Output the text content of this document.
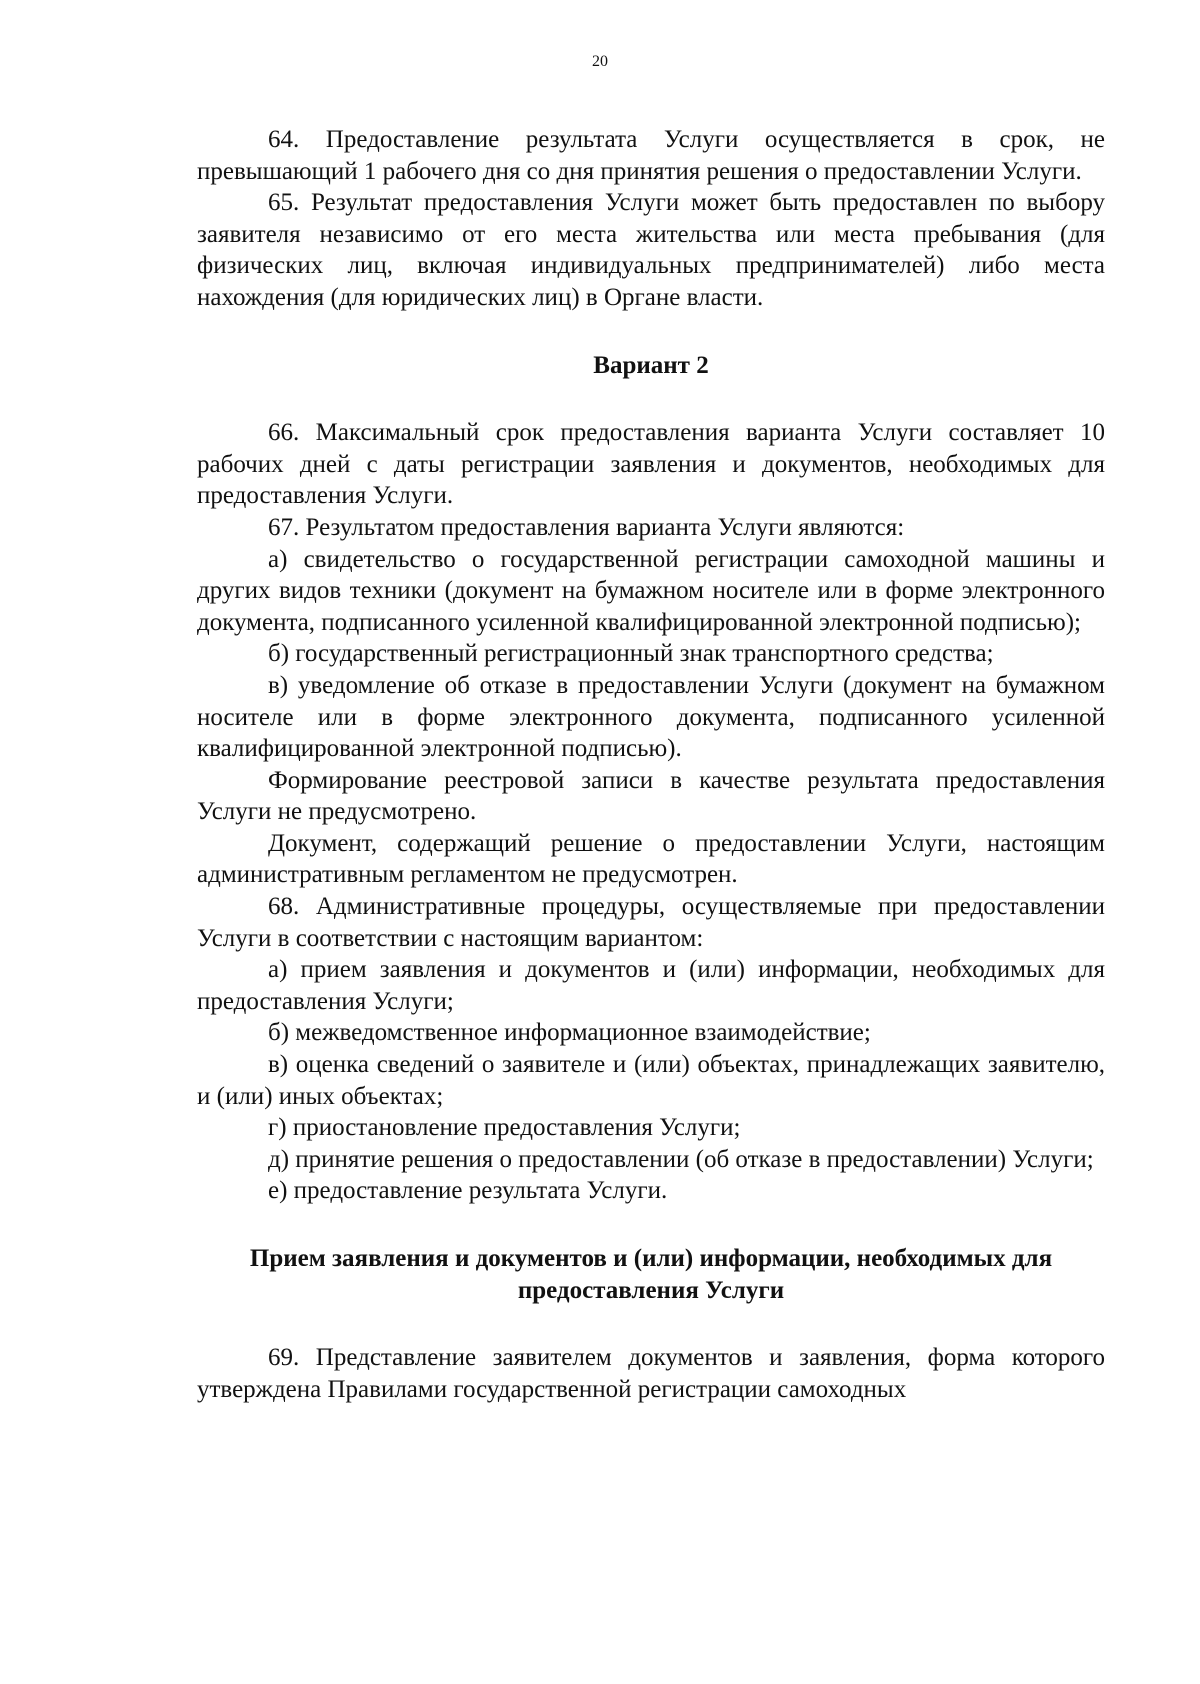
20

64. Предоставление результата Услуги осуществляется в срок, не превышающий 1 рабочего дня со дня принятия решения о предоставлении Услуги.

65. Результат предоставления Услуги может быть предоставлен по выбору заявителя независимо от его места жительства или места пребывания (для физических лиц, включая индивидуальных предпринимателей) либо места нахождения (для юридических лиц) в Органе власти.

Вариант 2

66. Максимальный срок предоставления варианта Услуги составляет 10 рабочих дней с даты регистрации заявления и документов, необходимых для предоставления Услуги.

67. Результатом предоставления варианта Услуги являются:

а) свидетельство о государственной регистрации самоходной машины и других видов техники (документ на бумажном носителе или в форме электронного документа, подписанного усиленной квалифицированной электронной подписью);

б) государственный регистрационный знак транспортного средства;

в) уведомление об отказе в предоставлении Услуги (документ на бумажном носителе или в форме электронного документа, подписанного усиленной квалифицированной электронной подписью).

Формирование реестровой записи в качестве результата предоставления Услуги не предусмотрено.

Документ, содержащий решение о предоставлении Услуги, настоящим административным регламентом не предусмотрен.

68. Административные процедуры, осуществляемые при предоставлении Услуги в соответствии с настоящим вариантом:

а) прием заявления и документов и (или) информации, необходимых для предоставления Услуги;

б) межведомственное информационное взаимодействие;

в) оценка сведений о заявителе и (или) объектах, принадлежащих заявителю, и (или) иных объектах;

г) приостановление предоставления Услуги;

д) принятие решения о предоставлении (об отказе в предоставлении) Услуги;

е) предоставление результата Услуги.

Прием заявления и документов и (или) информации, необходимых для предоставления Услуги

69. Представление заявителем документов и заявления, форма которого утверждена Правилами государственной регистрации самоходных
